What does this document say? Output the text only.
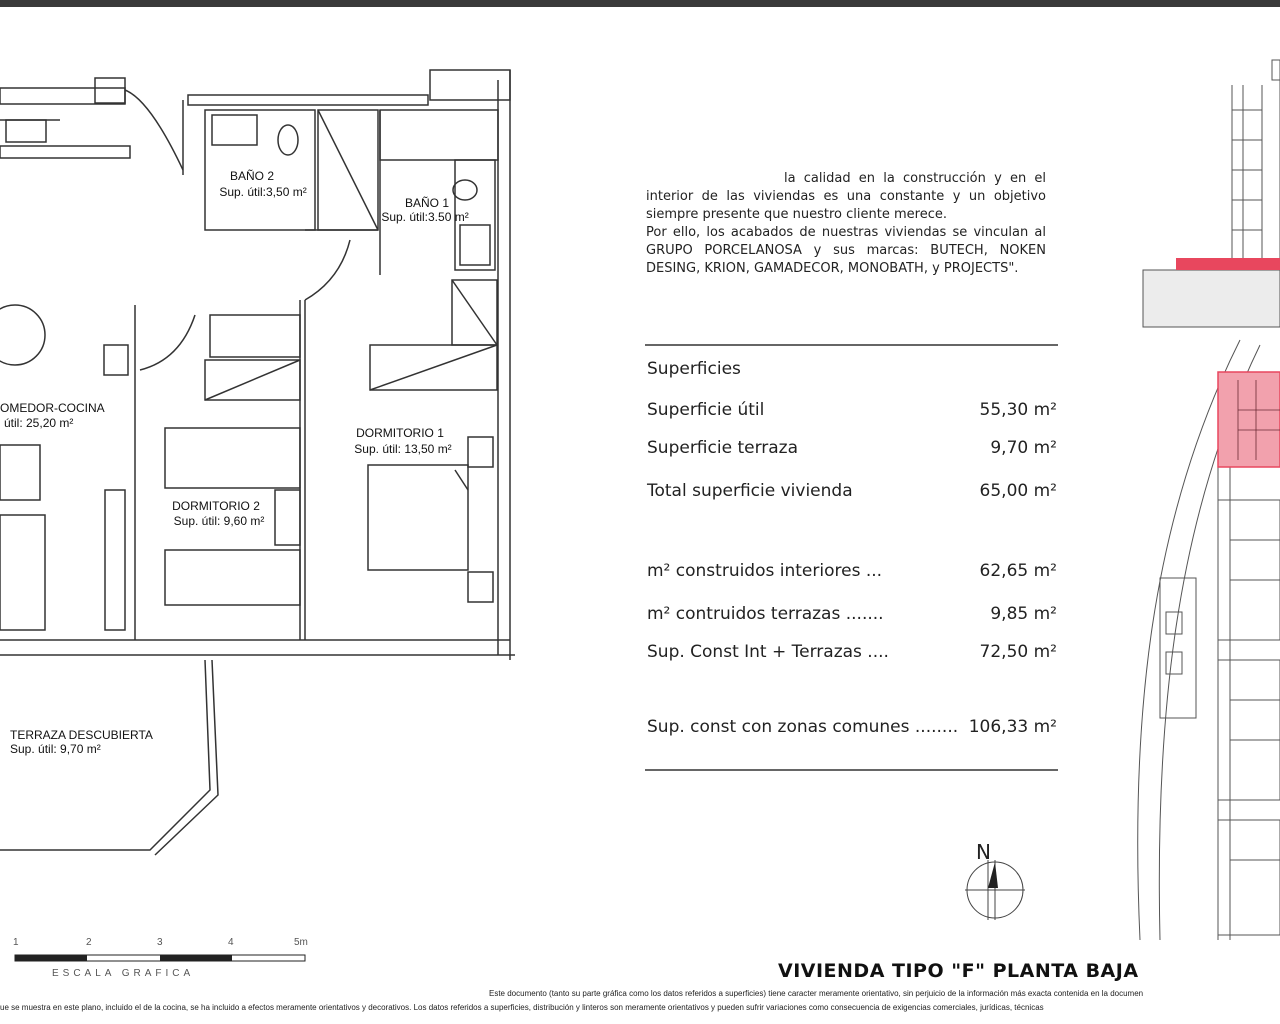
BAÑO 2
Sup. útil:3,50 m²
BAÑO 1
Sup. útil:3.50 m²
OMEDOR-COCINA
útil: 25,20 m²
DORMITORIO 1
Sup. útil: 13,50 m²
DORMITORIO 2
Sup. útil: 9,60 m²
TERRAZA DESCUBIERTA
Sup. útil: 9,70 m²
1	2	3	4	5m
ESCALA GRAFICA

la calidad en la construcción y en el interior de las viviendas es una constante y un objetivo siempre presente que nuestro cliente merece.

Por ello, los acabados de nuestras viviendas se vinculan al GRUPO PORCELANOSA y sus marcas: BUTECH, NOKEN DESING, KRION, GAMADECOR, MONOBATH, y PROJECTS".

Superficies
Superficie útil	55,30 m²
Superficie terraza	9,70 m²
Total superficie vivienda	65,00 m²
m² construidos interiores ...	62,65 m²
m² contruidos terrazas .......	9,85 m²
Sup. Const Int + Terrazas ....	72,50 m²
Sup. const con zonas comunes ........ 106,33 m²
N
VIVIENDA TIPO "F" PLANTA BAJA
Este documento (tanto su parte gráfica como los datos referidos a superficies) tiene caracter meramente orientativo, sin perjuicio de la información más exacta contenida en la documen
ue se muestra en este plano, incluido el de la cocina, se ha incluido a efectos meramente orientativos y decorativos. Los datos referidos a superficies, distribución y linteros son meramente orientativos y pueden sufrir variaciones como consecuencia de exigencias comerciales, jurídicas, técnicas
